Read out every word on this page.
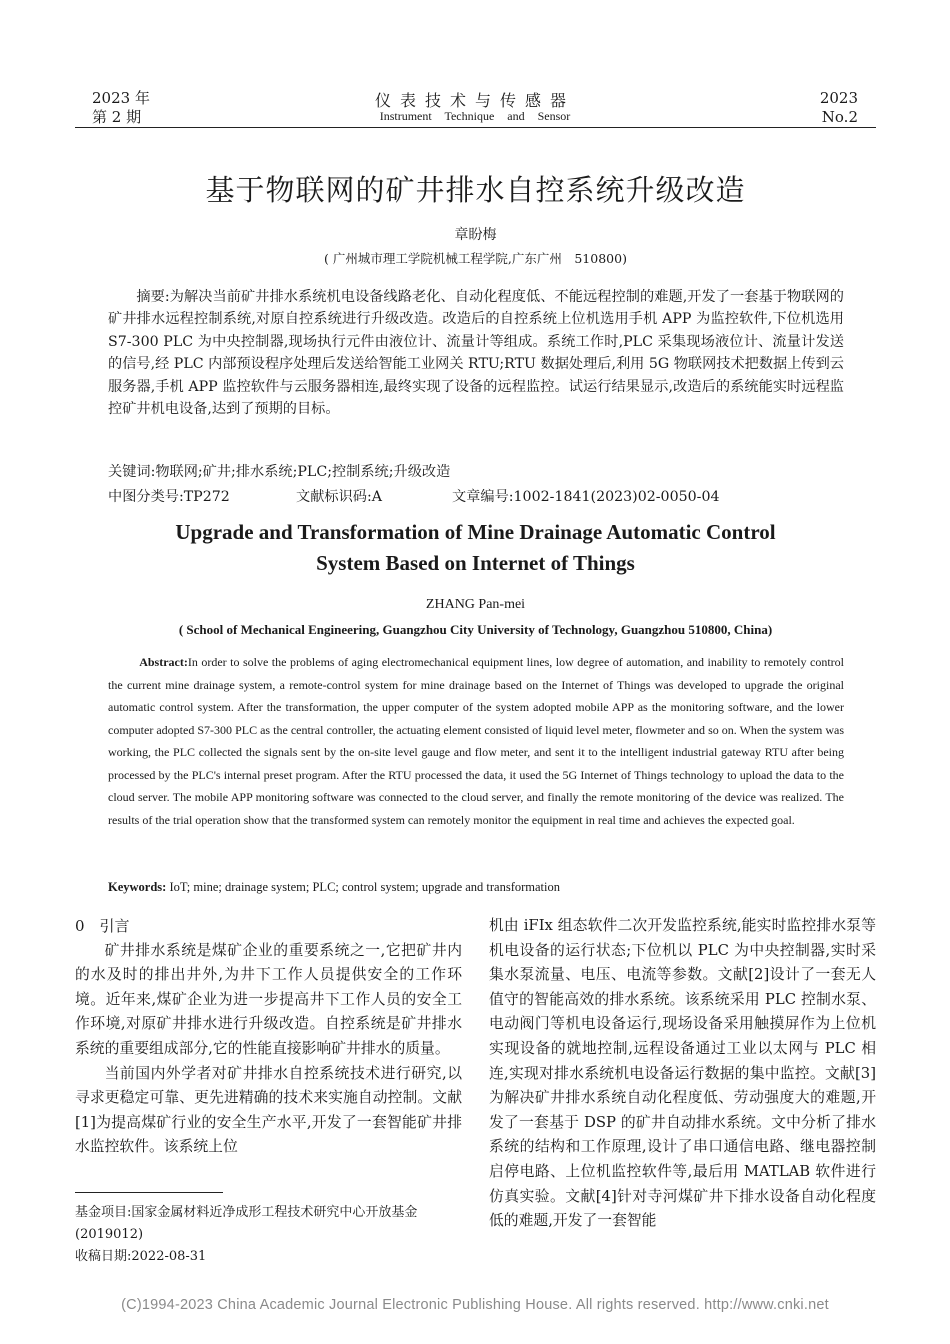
2023 年
第 2 期
仪表技术与传感器
Instrument Technique and Sensor
2023
No.2
基于物联网的矿井排水自控系统升级改造
章盼梅
( 广州城市理工学院机械工程学院,广东广州　510800)

摘要:为解决当前矿井排水系统机电设备线路老化、自动化程度低、不能远程控制的难题,开发了一套基于物联网的矿井排水远程控制系统,对原自控系统进行升级改造。改造后的自控系统上位机选用手机 APP 为监控软件,下位机选用 S7-300 PLC 为中央控制器,现场执行元件由液位计、流量计等组成。系统工作时,PLC 采集现场液位计、流量计发送的信号,经 PLC 内部预设程序处理后发送给智能工业网关 RTU;RTU 数据处理后,利用 5G 物联网技术把数据上传到云服务器,手机 APP 监控软件与云服务器相连,最终实现了设备的远程监控。试运行结果显示,改造后的系统能实时远程监控矿井机电设备,达到了预期的目标。

关键词:物联网;矿井;排水系统;PLC;控制系统;升级改造
中图分类号:TP272	文献标识码:A	文章编号:1002-1841(2023)02-0050-04
Upgrade and Transformation of Mine Drainage Automatic Control
System Based on Internet of Things
ZHANG Pan-mei
( School of Mechanical Engineering, Guangzhou City University of Technology, Guangzhou 510800, China)
Abstract:In order to solve the problems of aging electromechanical equipment lines, low degree of automation, and inability to remotely control the current mine drainage system, a remote-control system for mine drainage based on the Internet of Things was developed to upgrade the original automatic control system. After the transformation, the upper computer of the system adopted mobile APP as the monitoring software, and the lower computer adopted S7-300 PLC as the central controller, the actuating element consisted of liquid level meter, flowmeter and so on. When the system was working, the PLC collected the signals sent by the on-site level gauge and flow meter, and sent it to the intelligent industrial gateway RTU after being processed by the PLC's internal preset program. After the RTU processed the data, it used the 5G Internet of Things technology to upload the data to the cloud server. The mobile APP monitoring software was connected to the cloud server, and finally the remote monitoring of the device was realized. The results of the trial operation show that the transformed system can remotely monitor the equipment in real time and achieves the expected goal.
Keywords: IoT; mine; drainage system; PLC; control system; upgrade and transformation

0　引言

矿井排水系统是煤矿企业的重要系统之一,它把矿井内的水及时的排出井外,为井下工作人员提供安全的工作环境。近年来,煤矿企业为进一步提高井下工作人员的安全工作环境,对原矿井排水进行升级改造。自控系统是矿井排水系统的重要组成部分,它的性能直接影响矿井排水的质量。

当前国内外学者对矿井排水自控系统技术进行研究,以寻求更稳定可靠、更先进精确的技术来实施自动控制。文献[1]为提高煤矿行业的安全生产水平,开发了一套智能矿井排水监控软件。该系统上位

基金项目:国家金属材料近净成形工程技术研究中心开放基金(2019012)
收稿日期:2022-08-31

机由 iFIx 组态软件二次开发监控系统,能实时监控排水泵等机电设备的运行状态;下位机以 PLC 为中央控制器,实时采集水泵流量、电压、电流等参数。文献[2]设计了一套无人值守的智能高效的排水系统。该系统采用 PLC 控制水泵、电动阀门等机电设备运行,现场设备采用触摸屏作为上位机实现设备的就地控制,远程设备通过工业以太网与 PLC 相连,实现对排水系统机电设备运行数据的集中监控。文献[3]为解决矿井排水系统自动化程度低、劳动强度大的难题,开发了一套基于 DSP 的矿井自动排水系统。文中分析了排水系统的结构和工作原理,设计了串口通信电路、继电器控制启停电路、上位机监控软件等,最后用 MATLAB 软件进行仿真实验。文献[4]针对寺河煤矿井下排水设备自动化程度低的难题,开发了一套智能

(C)1994-2023 China Academic Journal Electronic Publishing House. All rights reserved. http://www.cnki.net
